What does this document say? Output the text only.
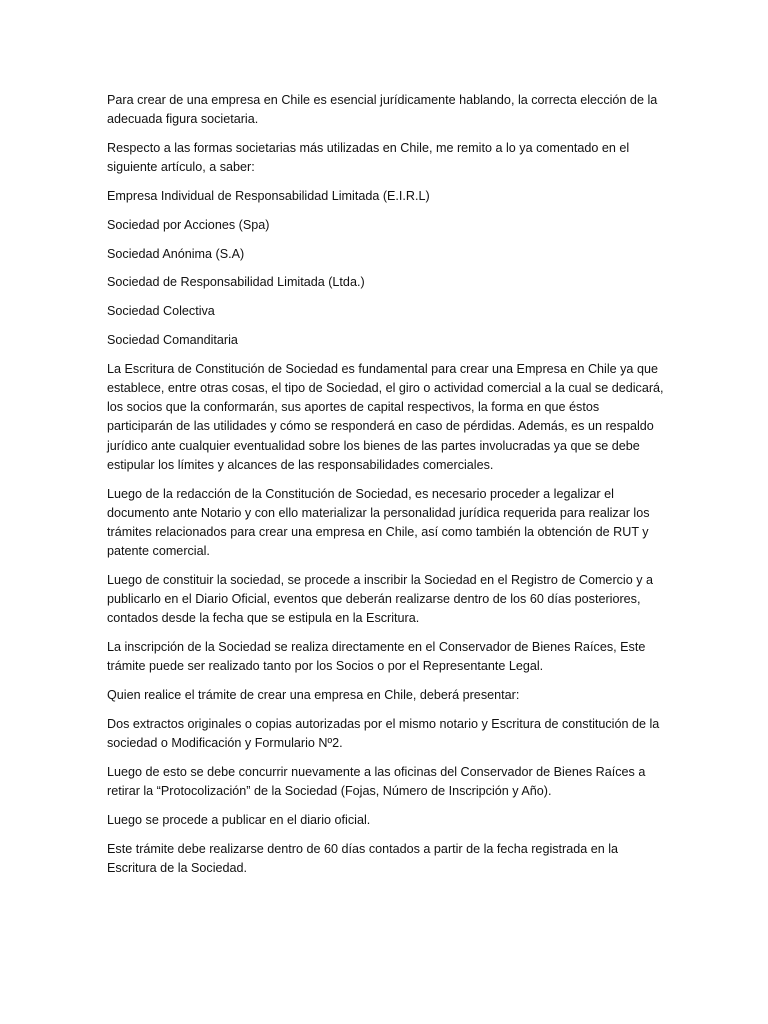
Para crear de una empresa en Chile es esencial jurídicamente hablando, la correcta elección de la adecuada figura societaria.

Respecto a las formas societarias más utilizadas en Chile, me remito a lo ya comentado en el siguiente artículo, a saber:

Empresa Individual de Responsabilidad Limitada (E.I.R.L)

Sociedad por Acciones (Spa)

Sociedad Anónima (S.A)

Sociedad de Responsabilidad Limitada (Ltda.)

Sociedad Colectiva

Sociedad Comanditaria

La Escritura de Constitución de Sociedad es fundamental para crear una Empresa en Chile ya que establece, entre otras cosas, el tipo de Sociedad, el giro o actividad comercial a la cual se dedicará, los socios que la conformarán, sus aportes de capital respectivos, la forma en que éstos participarán de las utilidades y cómo se responderá en caso de pérdidas. Además, es un respaldo jurídico ante cualquier eventualidad sobre los bienes de las partes involucradas ya que se debe estipular los límites y alcances de las responsabilidades comerciales.

Luego de la redacción de la Constitución de Sociedad, es necesario proceder a legalizar el documento ante Notario y con ello materializar la personalidad jurídica requerida para realizar los trámites relacionados para crear una empresa en Chile, así como también la obtención de RUT y patente comercial.

Luego de constituir la sociedad, se procede a inscribir la Sociedad en el Registro de Comercio y a publicarlo en el Diario Oficial, eventos que deberán realizarse dentro de los 60 días posteriores, contados desde la fecha que se estipula en la Escritura.

La inscripción de la Sociedad se realiza directamente en el Conservador de Bienes Raíces, Este trámite puede ser realizado tanto por los Socios o por el Representante Legal.

Quien realice el trámite de crear una empresa en Chile, deberá presentar:

Dos extractos originales o copias autorizadas por el mismo notario y Escritura de constitución de la sociedad o Modificación y Formulario Nº2.

Luego de esto se debe concurrir nuevamente a las oficinas del Conservador de Bienes Raíces a retirar la “Protocolización” de la Sociedad (Fojas, Número de Inscripción y Año).

Luego se procede a publicar en el diario oficial.

Este trámite debe realizarse dentro de 60 días contados a partir de la fecha registrada en la Escritura de la Sociedad.
